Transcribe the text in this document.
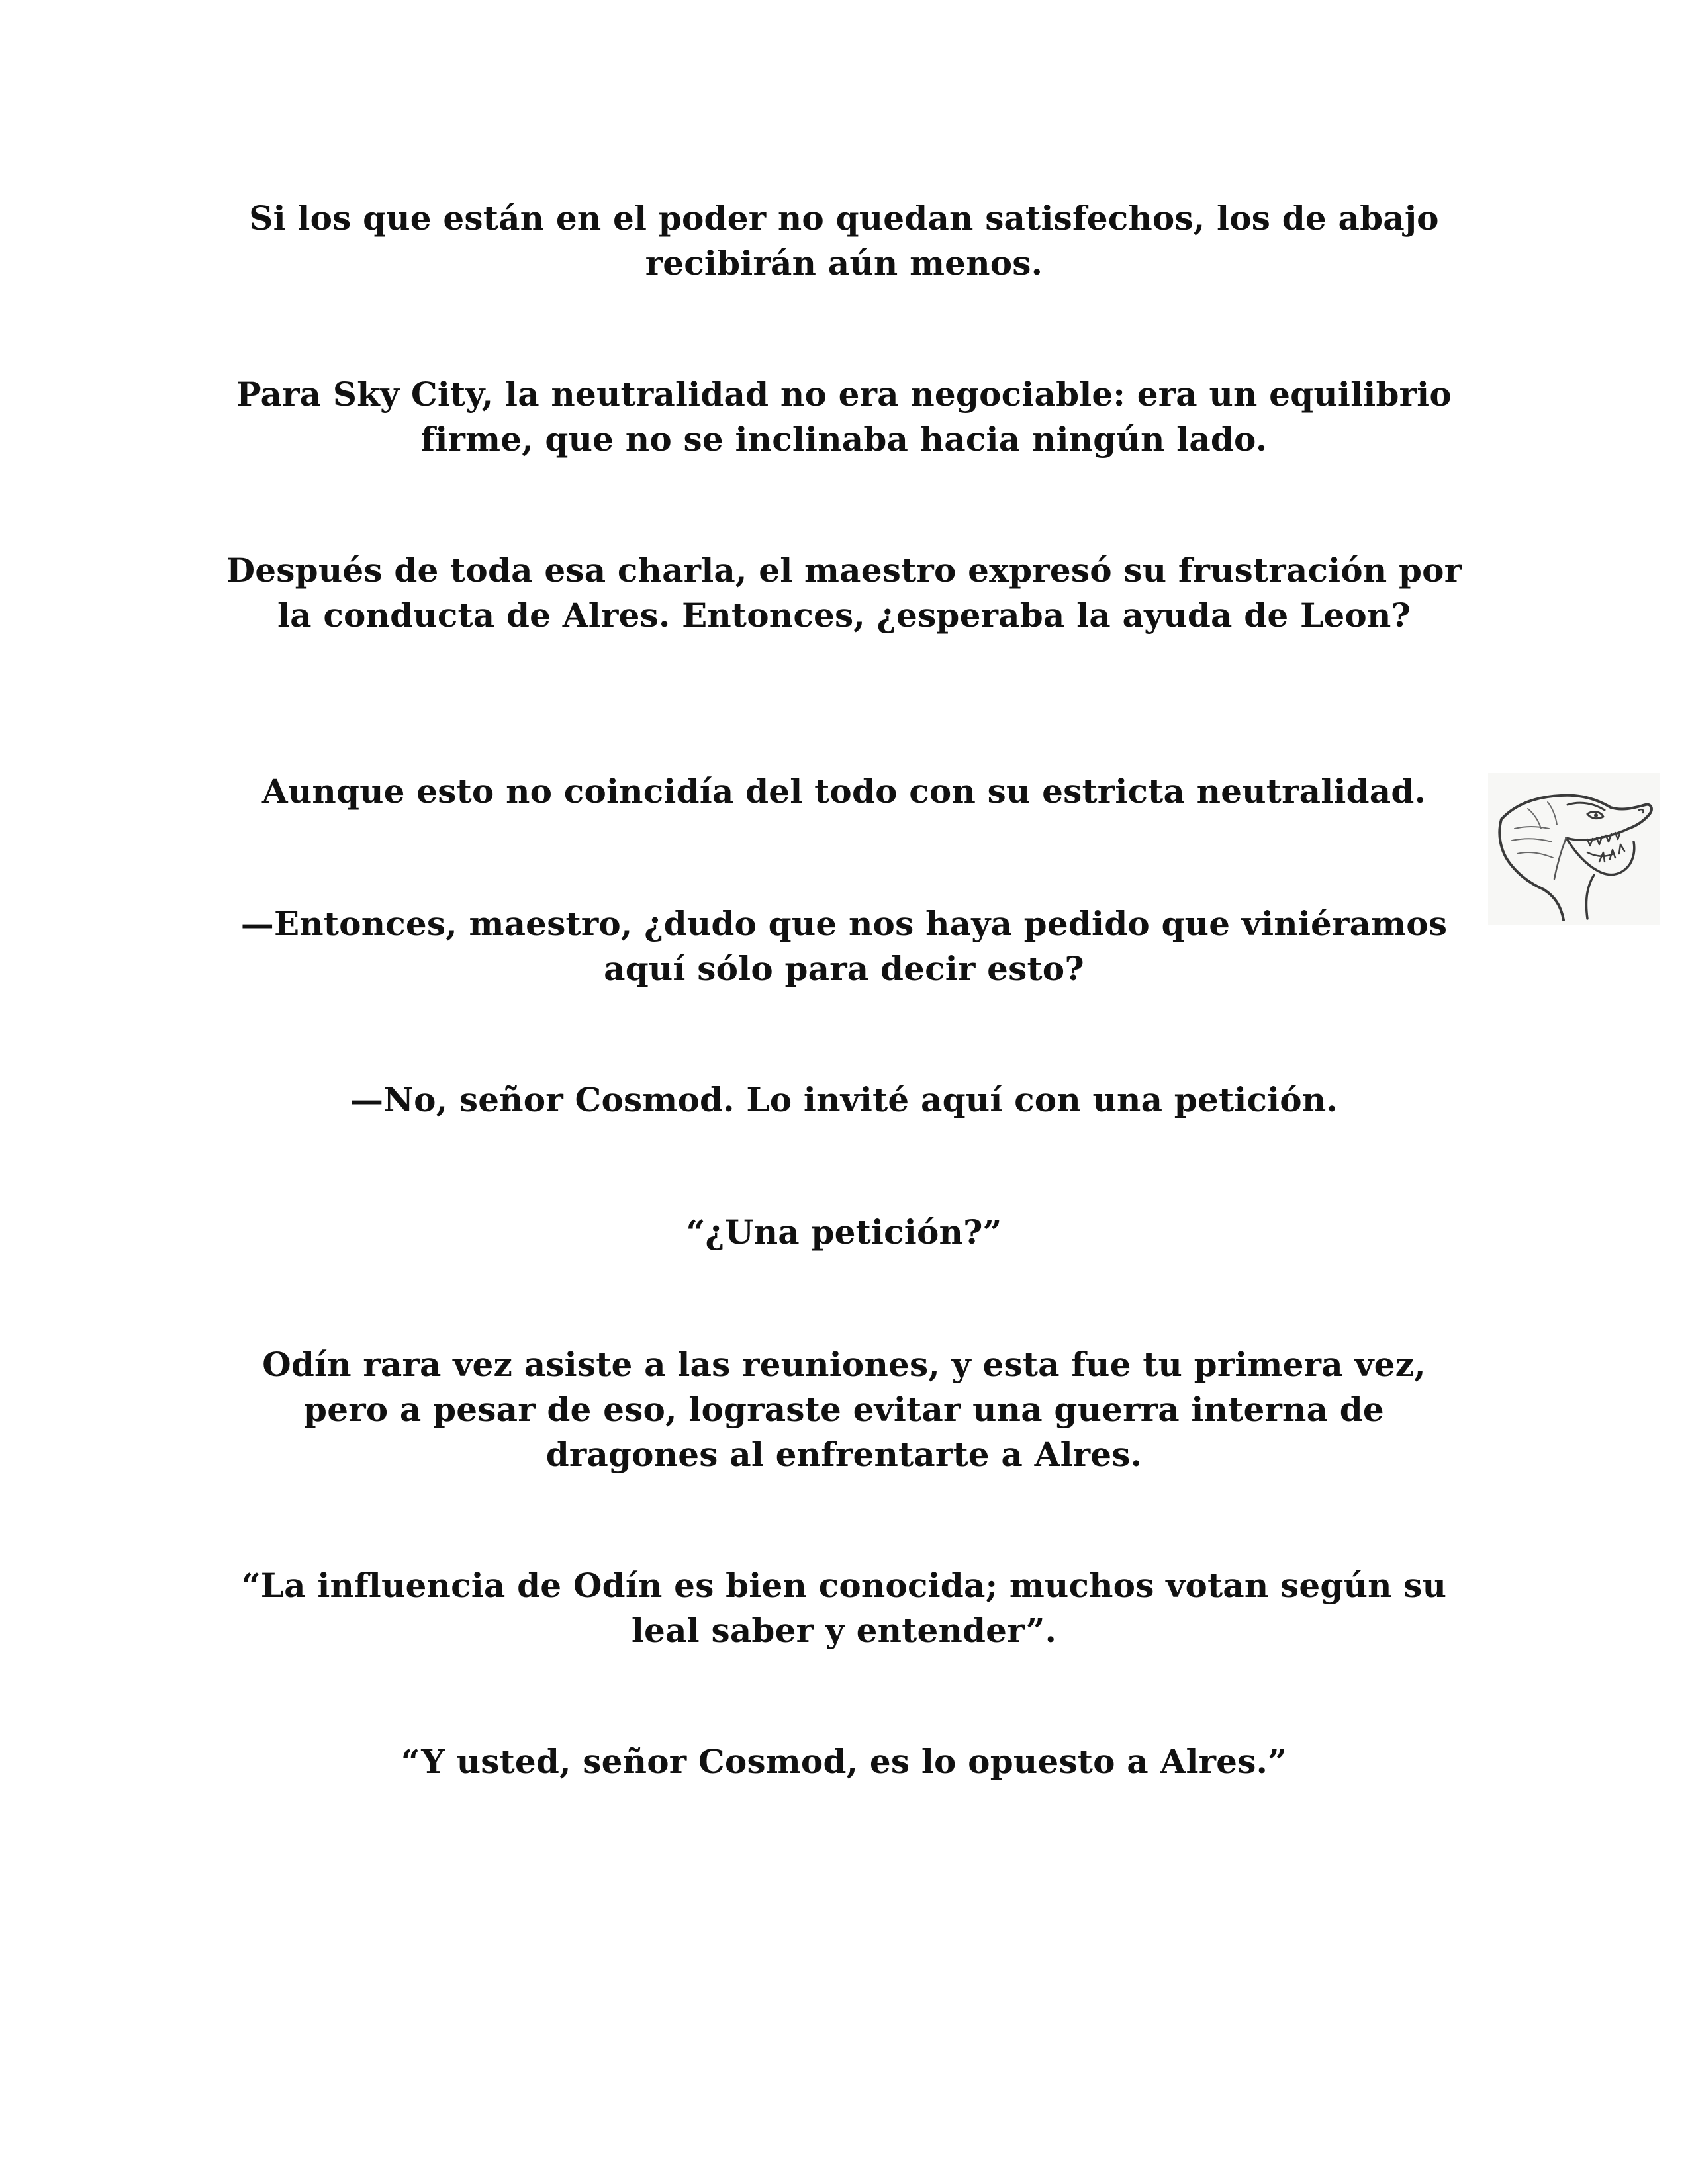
Si los que están en el poder no quedan satisfechos, los de abajo recibirán aún menos.

Para Sky City, la neutralidad no era negociable: era un equilibrio firme, que no se inclinaba hacia ningún lado.

Después de toda esa charla, el maestro expresó su frustración por la conducta de Alres. Entonces, ¿esperaba la ayuda de Leon?

Aunque esto no coincidía del todo con su estricta neutralidad.

—Entonces, maestro, ¿dudo que nos haya pedido que viniéramos aquí sólo para decir esto?

—No, señor Cosmod. Lo invité aquí con una petición.

“¿Una petición?”

Odín rara vez asiste a las reuniones, y esta fue tu primera vez, pero a pesar de eso, lograste evitar una guerra interna de dragones al enfrentarte a Alres.

“La influencia de Odín es bien conocida; muchos votan según su leal saber y entender”.

“Y usted, señor Cosmod, es lo opuesto a Alres.”
